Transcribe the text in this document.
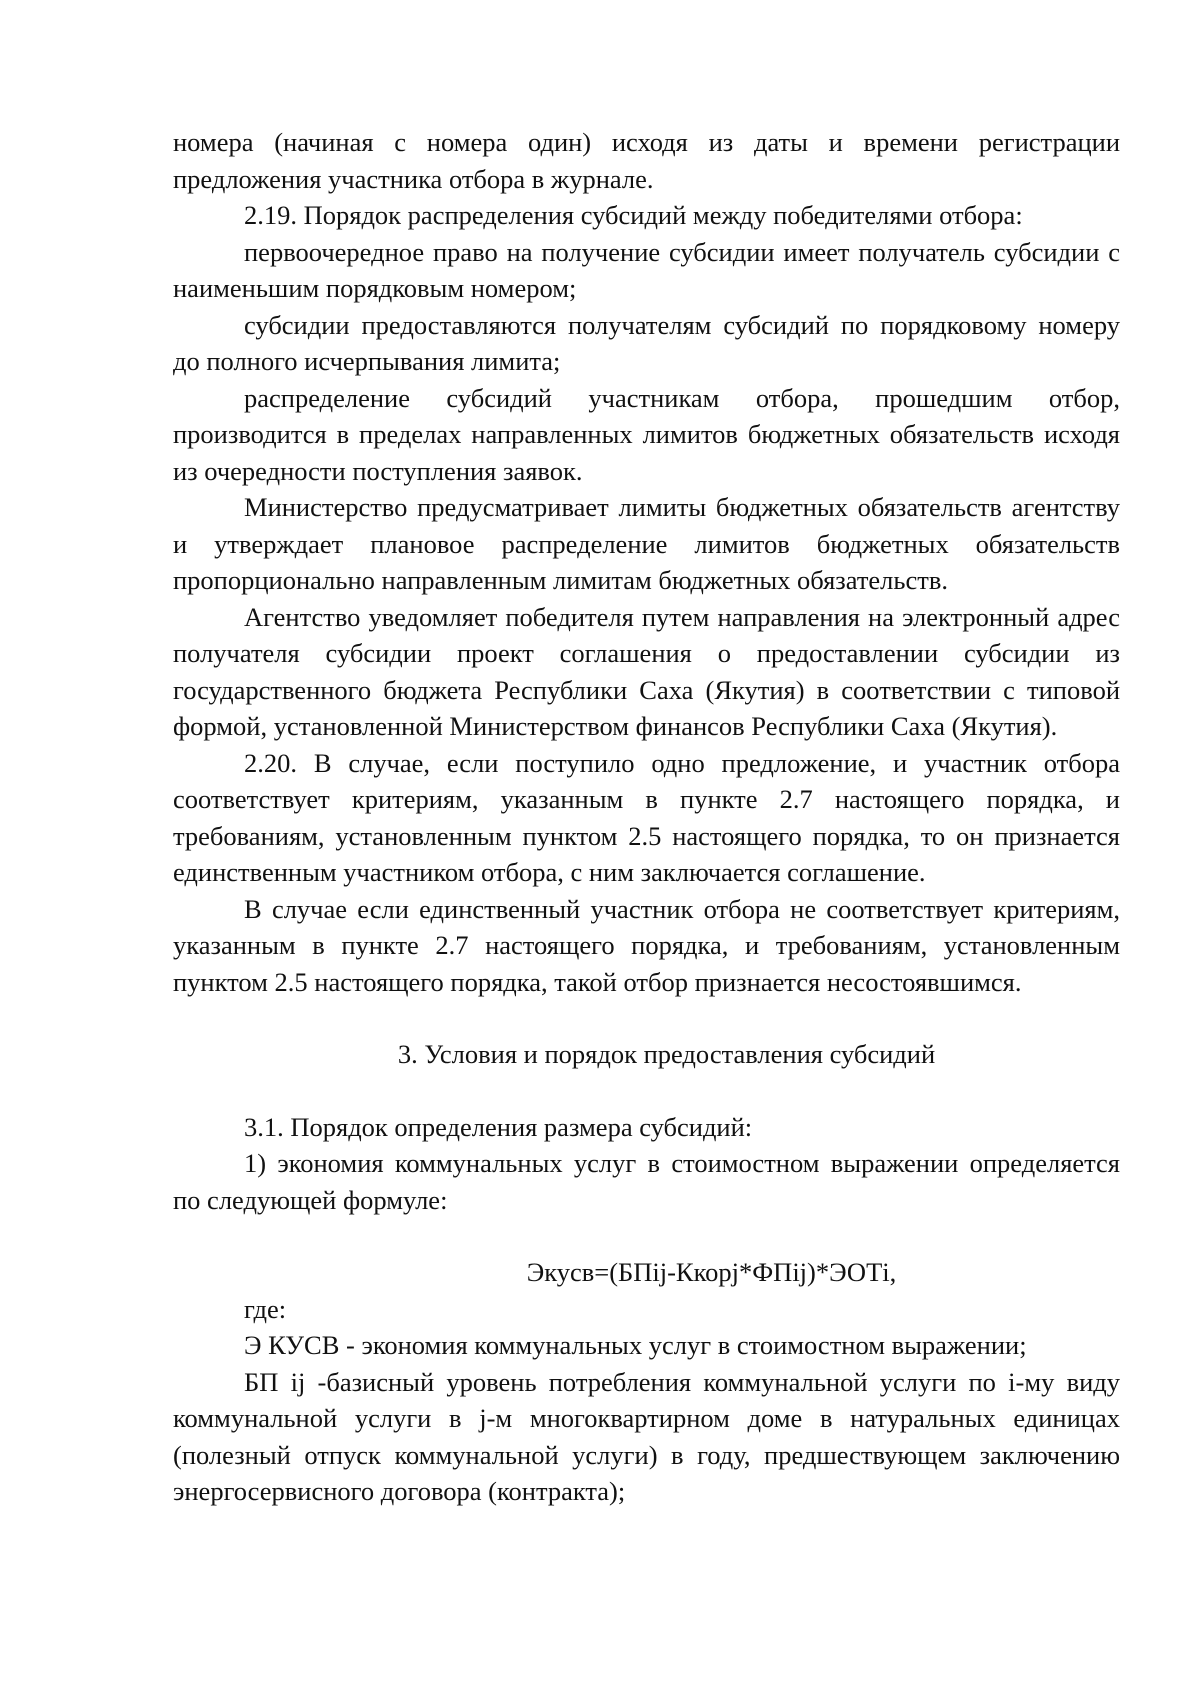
номера (начиная с номера один) исходя из даты и времени регистрации предложения участника отбора в журнале.

2.19. Порядок распределения субсидий между победителями отбора:

первоочередное право на получение субсидии имеет получатель субсидии с наименьшим порядковым номером;

субсидии предоставляются получателям субсидий по порядковому номеру до полного исчерпывания лимита;

распределение субсидий участникам отбора, прошедшим отбор, производится в пределах направленных лимитов бюджетных обязательств исходя из очередности поступления заявок.

Министерство предусматривает лимиты бюджетных обязательств агентству и утверждает плановое распределение лимитов бюджетных обязательств пропорционально направленным лимитам бюджетных обязательств.

Агентство уведомляет победителя путем направления на электронный адрес получателя субсидии проект соглашения о предоставлении субсидии из государственного бюджета Республики Саха (Якутия) в соответствии с типовой формой, установленной Министерством финансов Республики Саха (Якутия).

2.20. В случае, если поступило одно предложение, и участник отбора соответствует критериям, указанным в пункте 2.7 настоящего порядка, и требованиям, установленным пунктом 2.5 настоящего порядка, то он признается единственным участником отбора, с ним заключается соглашение.

В случае если единственный участник отбора не соответствует критериям, указанным в пункте 2.7 настоящего порядка, и требованиям, установленным пунктом 2.5 настоящего порядка, такой отбор признается несостоявшимся.

3. Условия и порядок предоставления субсидий

3.1. Порядок определения размера субсидий:

1) экономия коммунальных услуг в стоимостном выражении определяется по следующей формуле:

Экусв=(БПij-Ккорj*ФПij)*ЭОТi,

где:

Э КУСВ - экономия коммунальных услуг в стоимостном выражении;

БП ij -базисный уровень потребления коммунальной услуги по i-му виду коммунальной услуги в j-м многоквартирном доме в натуральных единицах (полезный отпуск коммунальной услуги) в году, предшествующем заключению энергосервисного договора (контракта);
